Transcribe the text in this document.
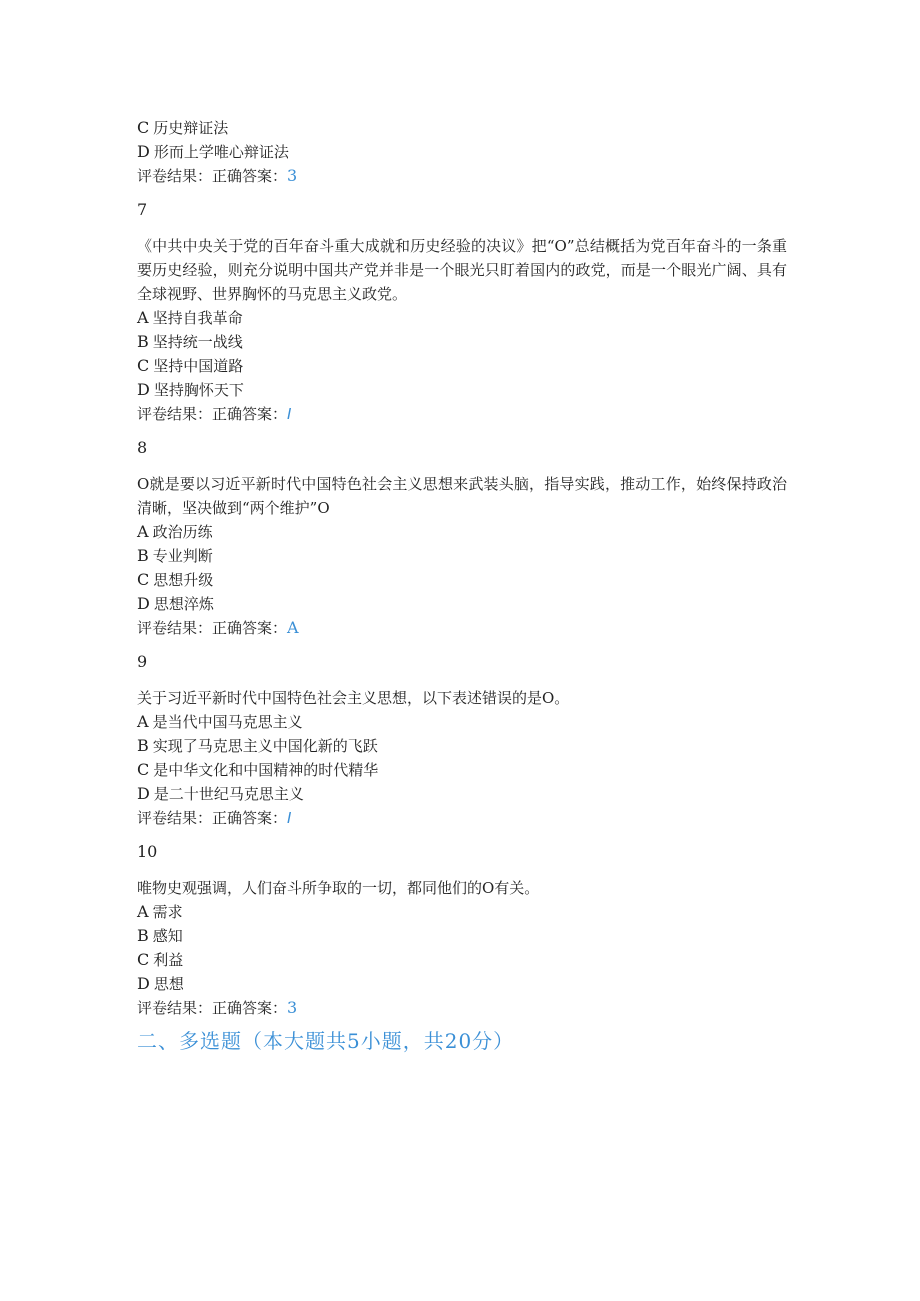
C 历史辩证法
D 形而上学唯心辩证法
评卷结果：正确答案：3
7
《中共中央关于党的百年奋斗重大成就和历史经验的决议》把“O”总结概括为党百年奋斗的一条重要历史经验，则充分说明中国共产党并非是一个眼光只盯着国内的政党，而是一个眼光广阔、具有全球视野、世界胸怀的马克思主义政党。
A 坚持自我革命
B 坚持统一战线
C 坚持中国道路
D 坚持胸怀天下
评卷结果：正确答案：I
8
O就是要以习近平新时代中国特色社会主义思想来武装头脑，指导实践，推动工作，始终保持政治清晰，坚决做到“两个维护”O
A 政治历练
B 专业判断
C 思想升级
D 思想淬炼
评卷结果：正确答案：A
9
关于习近平新时代中国特色社会主义思想，以下表述错误的是O。
A 是当代中国马克思主义
B 实现了马克思主义中国化新的飞跃
C 是中华文化和中国精神的时代精华
D 是二十世纪马克思主义
评卷结果：正确答案：I
10
唯物史观强调，人们奋斗所争取的一切，都同他们的O有关。
A 需求
B 感知
C 利益
D 思想
评卷结果：正确答案：3
二、多选题（本大题共5小题，共20分）
